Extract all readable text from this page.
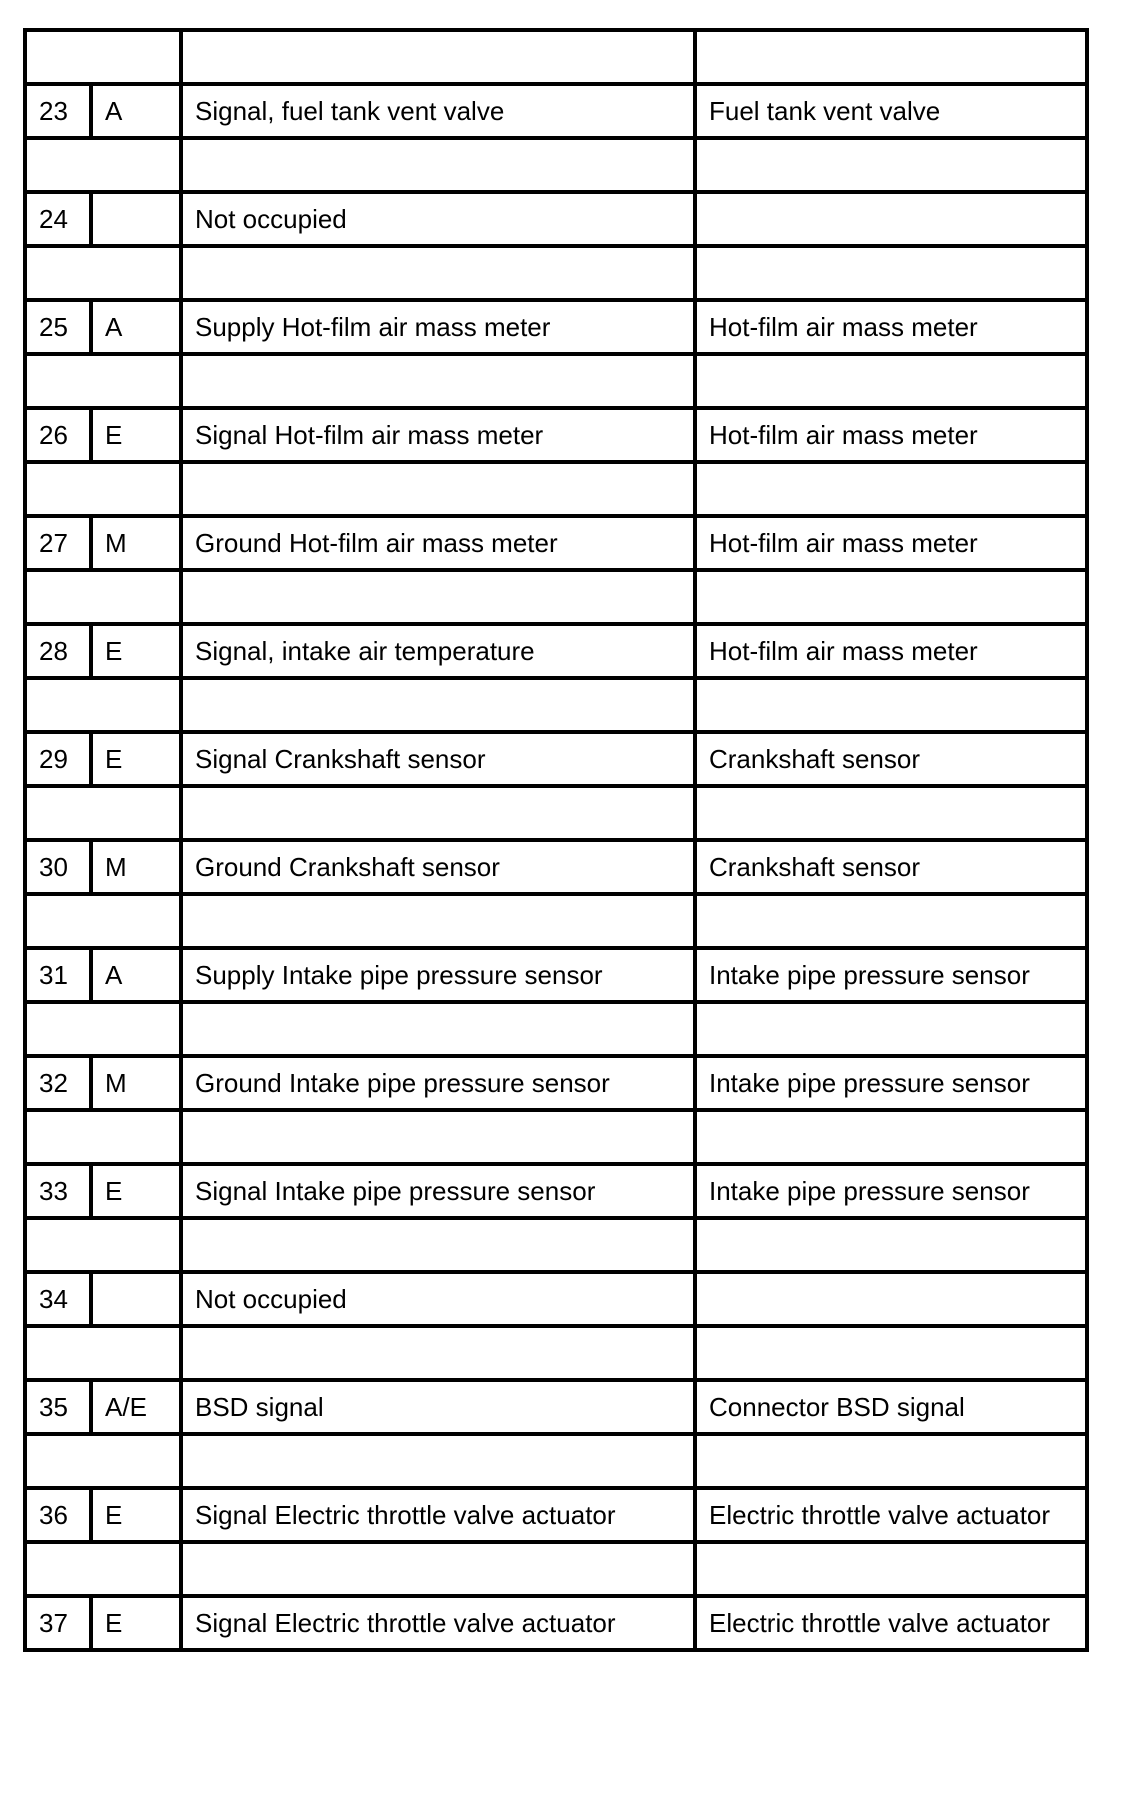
23	A	Signal, fuel tank vent valve	Fuel tank vent valve

24		Not occupied	

25	A	Supply Hot-film air mass meter	Hot-film air mass meter

26	E	Signal Hot-film air mass meter	Hot-film air mass meter

27	M	Ground Hot-film air mass meter	Hot-film air mass meter

28	E	Signal, intake air temperature	Hot-film air mass meter

29	E	Signal Crankshaft sensor	Crankshaft sensor

30	M	Ground Crankshaft sensor	Crankshaft sensor

31	A	Supply Intake pipe pressure sensor	Intake pipe pressure sensor

32	M	Ground Intake pipe pressure sensor	Intake pipe pressure sensor

33	E	Signal Intake pipe pressure sensor	Intake pipe pressure sensor

34		Not occupied	

35	A/E	BSD signal	Connector BSD signal

36	E	Signal Electric throttle valve actuator	Electric throttle valve actuator

37	E	Signal Electric throttle valve actuator	Electric throttle valve actuator
